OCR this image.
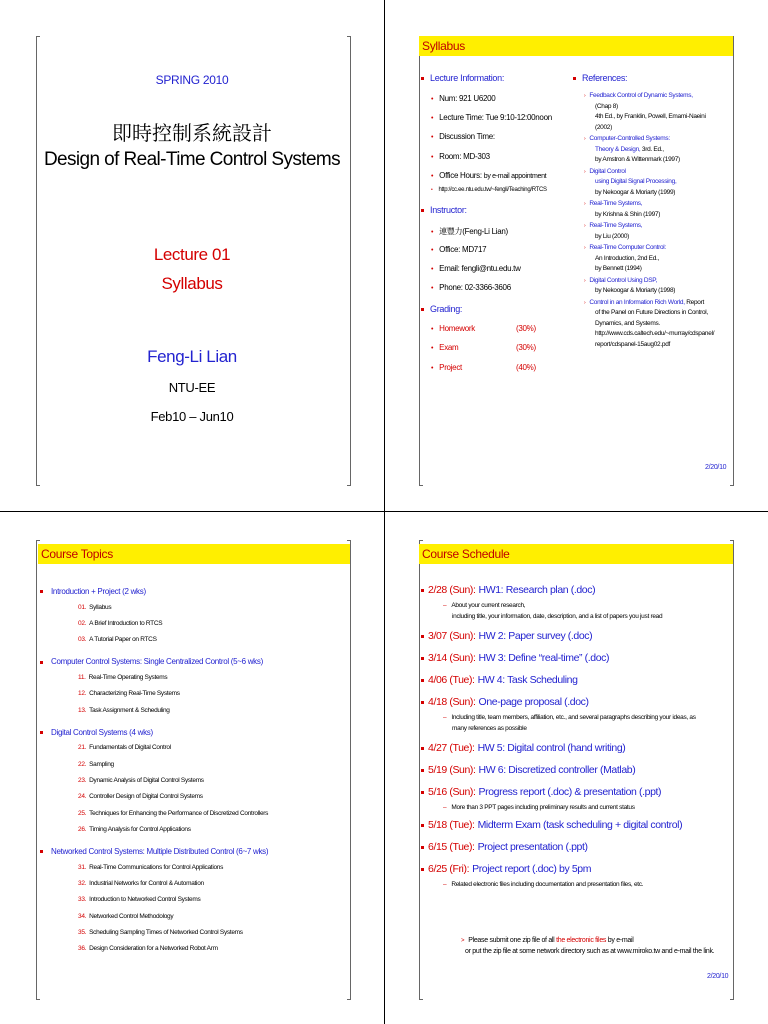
SPRING 2010
即時控制系統設計
Design of Real-Time Control Systems
Lecture 01
Syllabus
Feng-Li Lian
NTU-EE
Feb10 – Jun10
Syllabus
Lecture Information:
• Num: 921 U6200
• Lecture Time: Tue 9:10-12:00noon
• Discussion Time:
• Room: MD-303
• Office Hours: by e-mail appointment
• http://cc.ee.ntu.edu.tw/~fengli/Teaching/RTCS
Instructor:
• 連豐力(Feng-Li Lian)
• Office: MD717
• Email: fengli@ntu.edu.tw
• Phone: 02-3366-3606
Grading:
• Homework	(30%)
• Exam	(30%)
• Project	(40%)
References:
› Feedback Control of Dynamic Systems,
(Chap 8)
4th Ed., by Franklin, Powell, Emami-Naeini
(2002)
› Computer-Controlled Systems:
Theory & Design, 3rd. Ed.,
by Amstron & Wittenmark (1997)
› Digital Control
using Digital Signal Processing,
by Nekoogar & Moriarty (1999)
› Real-Time Systems,
by Krishna & Shin (1997)
› Real-Time Systems,
by Liu (2000)
› Real-Time Computer Control:
An Introduction, 2nd Ed.,
by Bennett (1994)
› Digital Control Using DSP,
by Nekoogar & Moriarty (1998)
› Control in an Information Rich World, Report
of the Panel on Future Directions in Control,
Dynamics, and Systems.
http://www.cds.caltech.edu/~murray/cdspanel/
report/cdspanel-15aug02.pdf
2/20/10
Course Topics
Introduction + Project (2 wks)
01. Syllabus
02. A Brief Introduction to RTCS
03. A Tutorial Paper on RTCS
Computer Control Systems: Single Centralized Control (5~6 wks)
11. Real-Time Operating Systems
12. Characterizing Real-Time Systems
13. Task Assignment & Scheduling
Digital Control Systems (4 wks)
21. Fundamentals of Digital Control
22. Sampling
23. Dynamic Analysis of Digital Control Systems
24. Controller Design of Digital Control Systems
25. Techniques for Enhancing the Performance of Discretized Controllers
26. Timing Analysis for Control Applications
Networked Control Systems: Multiple Distributed Control (6~7 wks)
31. Real-Time Communications for Control Applications
32. Industrial Networks for Control & Automation
33. Introduction to Networked Control Systems
34. Networked Control Methodology
35. Scheduling Sampling Times of Networked Control Systems
36. Design Consideration for a Networked Robot Arm
Course Schedule
2/28 (Sun): HW1: Research plan (.doc)
– About your current research,
including title, your information, date, description, and a list of papers you just read
3/07 (Sun): HW 2: Paper survey (.doc)
3/14 (Sun): HW 3: Define “real-time” (.doc)
4/06 (Tue): HW 4: Task Scheduling
4/18 (Sun): One-page proposal (.doc)
– Including title, team members, affiliation, etc., and several paragraphs describing your ideas, as
many references as possible
4/27 (Tue): HW 5: Digital control (hand writing)
5/19 (Sun): HW 6: Discretized controller (Matlab)
5/16 (Sun): Progress report (.doc) & presentation (.ppt)
– More than 3 PPT pages including preliminary results and current status
5/18 (Tue): Midterm Exam (task scheduling + digital control)
6/15 (Tue): Project presentation (.ppt)
6/25 (Fri): Project report (.doc) by 5pm
– Related electronic files including documentation and presentation files, etc.
> Please submit one zip file of all the electronic files by e-mail
or put the zip file at some network directory such as at www.miroko.tw and e-mail the link.
2/20/10
